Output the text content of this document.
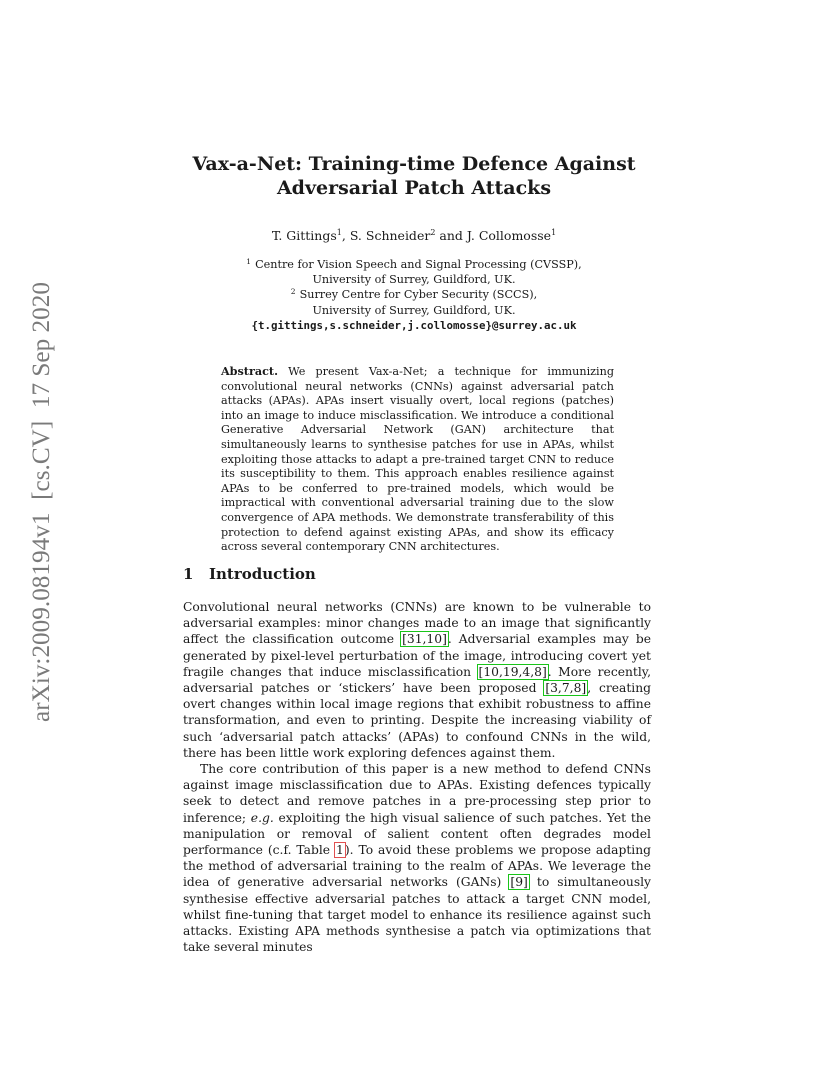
arXiv:2009.08194v1  [cs.CV]  17 Sep 2020
Vax-a-Net: Training-time Defence Against
Adversarial Patch Attacks
T. Gittings$^1$, S. Schneider$^2$ and J. Collomosse$^1$
$^1$ Centre for Vision Speech and Signal Processing (CVSSP),
University of Surrey, Guildford, UK.
$^2$ Surrey Centre for Cyber Security (SCCS),
University of Surrey, Guildford, UK.
{t.gittings,s.schneider,j.collomosse}@surrey.ac.uk
Abstract. We present Vax-a-Net; a technique for immunizing convolutional neural networks (CNNs) against adversarial patch attacks (APAs). APAs insert visually overt, local regions (patches) into an image to induce misclassification. We introduce a conditional Generative Adversarial Network (GAN) architecture that simultaneously learns to synthesise patches for use in APAs, whilst exploiting those attacks to adapt a pre-trained target CNN to reduce its susceptibility to them. This approach enables resilience against APAs to be conferred to pre-trained models, which would be impractical with conventional adversarial training due to the slow convergence of APA methods. We demonstrate transferability of this protection to defend against existing APAs, and show its efficacy across several contemporary CNN architectures.
1 Introduction

Convolutional neural networks (CNNs) are known to be vulnerable to adversarial examples: minor changes made to an image that significantly affect the classification outcome [31,10]. Adversarial examples may be generated by pixel-level perturbation of the image, introducing covert yet fragile changes that induce misclassification [10,19,4,8]. More recently, adversarial patches or ‘stickers’ have been proposed [3,7,8], creating overt changes within local image regions that exhibit robustness to affine transformation, and even to printing. Despite the increasing viability of such ‘adversarial patch attacks’ (APAs) to confound CNNs in the wild, there has been little work exploring defences against them.

The core contribution of this paper is a new method to defend CNNs against image misclassification due to APAs. Existing defences typically seek to detect and remove patches in a pre-processing step prior to inference; e.g. exploiting the high visual salience of such patches. Yet the manipulation or removal of salient content often degrades model performance (c.f. Table 1). To avoid these problems we propose adapting the method of adversarial training to the realm of APAs. We leverage the idea of generative adversarial networks (GANs) [9] to simultaneously synthesise effective adversarial patches to attack a target CNN model, whilst fine-tuning that target model to enhance its resilience against such attacks. Existing APA methods synthesise a patch via optimizations that take several minutes
